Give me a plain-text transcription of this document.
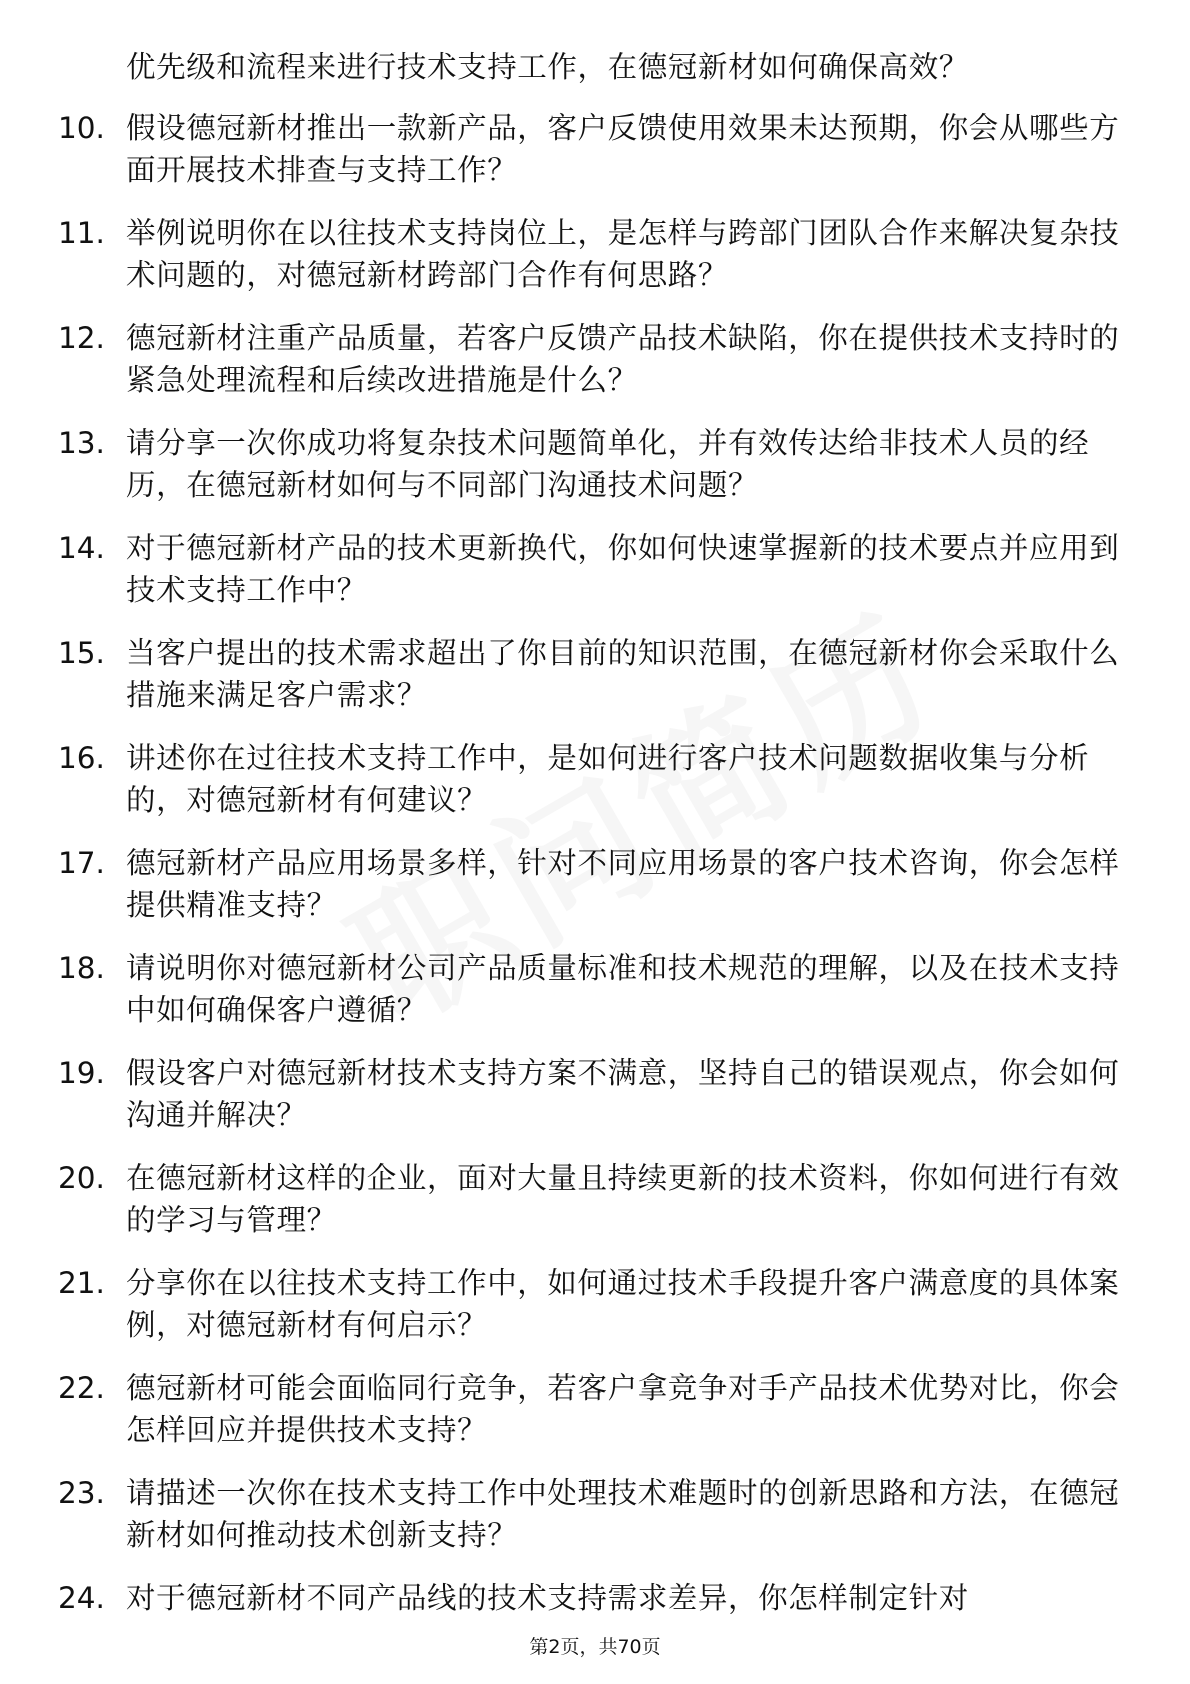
优先级和流程来进行技术支持工作，在德冠新材如何确保高效？
10. 假设德冠新材推出一款新产品，客户反馈使用效果未达预期，你会从哪些方面开展技术排查与支持工作？
11. 举例说明你在以往技术支持岗位上，是怎样与跨部门团队合作来解决复杂技术问题的，对德冠新材跨部门合作有何思路？
12. 德冠新材注重产品质量，若客户反馈产品技术缺陷，你在提供技术支持时的紧急处理流程和后续改进措施是什么？
13. 请分享一次你成功将复杂技术问题简单化，并有效传达给非技术人员的经历，在德冠新材如何与不同部门沟通技术问题？
14. 对于德冠新材产品的技术更新换代，你如何快速掌握新的技术要点并应用到技术支持工作中？
15. 当客户提出的技术需求超出了你目前的知识范围，在德冠新材你会采取什么措施来满足客户需求？
16. 讲述你在过往技术支持工作中，是如何进行客户技术问题数据收集与分析的，对德冠新材有何建议？
17. 德冠新材产品应用场景多样，针对不同应用场景的客户技术咨询，你会怎样提供精准支持？
18. 请说明你对德冠新材公司产品质量标准和技术规范的理解，以及在技术支持中如何确保客户遵循？
19. 假设客户对德冠新材技术支持方案不满意，坚持自己的错误观点，你会如何沟通并解决？
20. 在德冠新材这样的企业，面对大量且持续更新的技术资料，你如何进行有效的学习与管理？
21. 分享你在以往技术支持工作中，如何通过技术手段提升客户满意度的具体案例，对德冠新材有何启示？
22. 德冠新材可能会面临同行竞争，若客户拿竞争对手产品技术优势对比，你会怎样回应并提供技术支持？
23. 请描述一次你在技术支持工作中处理技术难题时的创新思路和方法，在德冠新材如何推动技术创新支持？
24. 对于德冠新材不同产品线的技术支持需求差异，你怎样制定针对
第2页，共70页
